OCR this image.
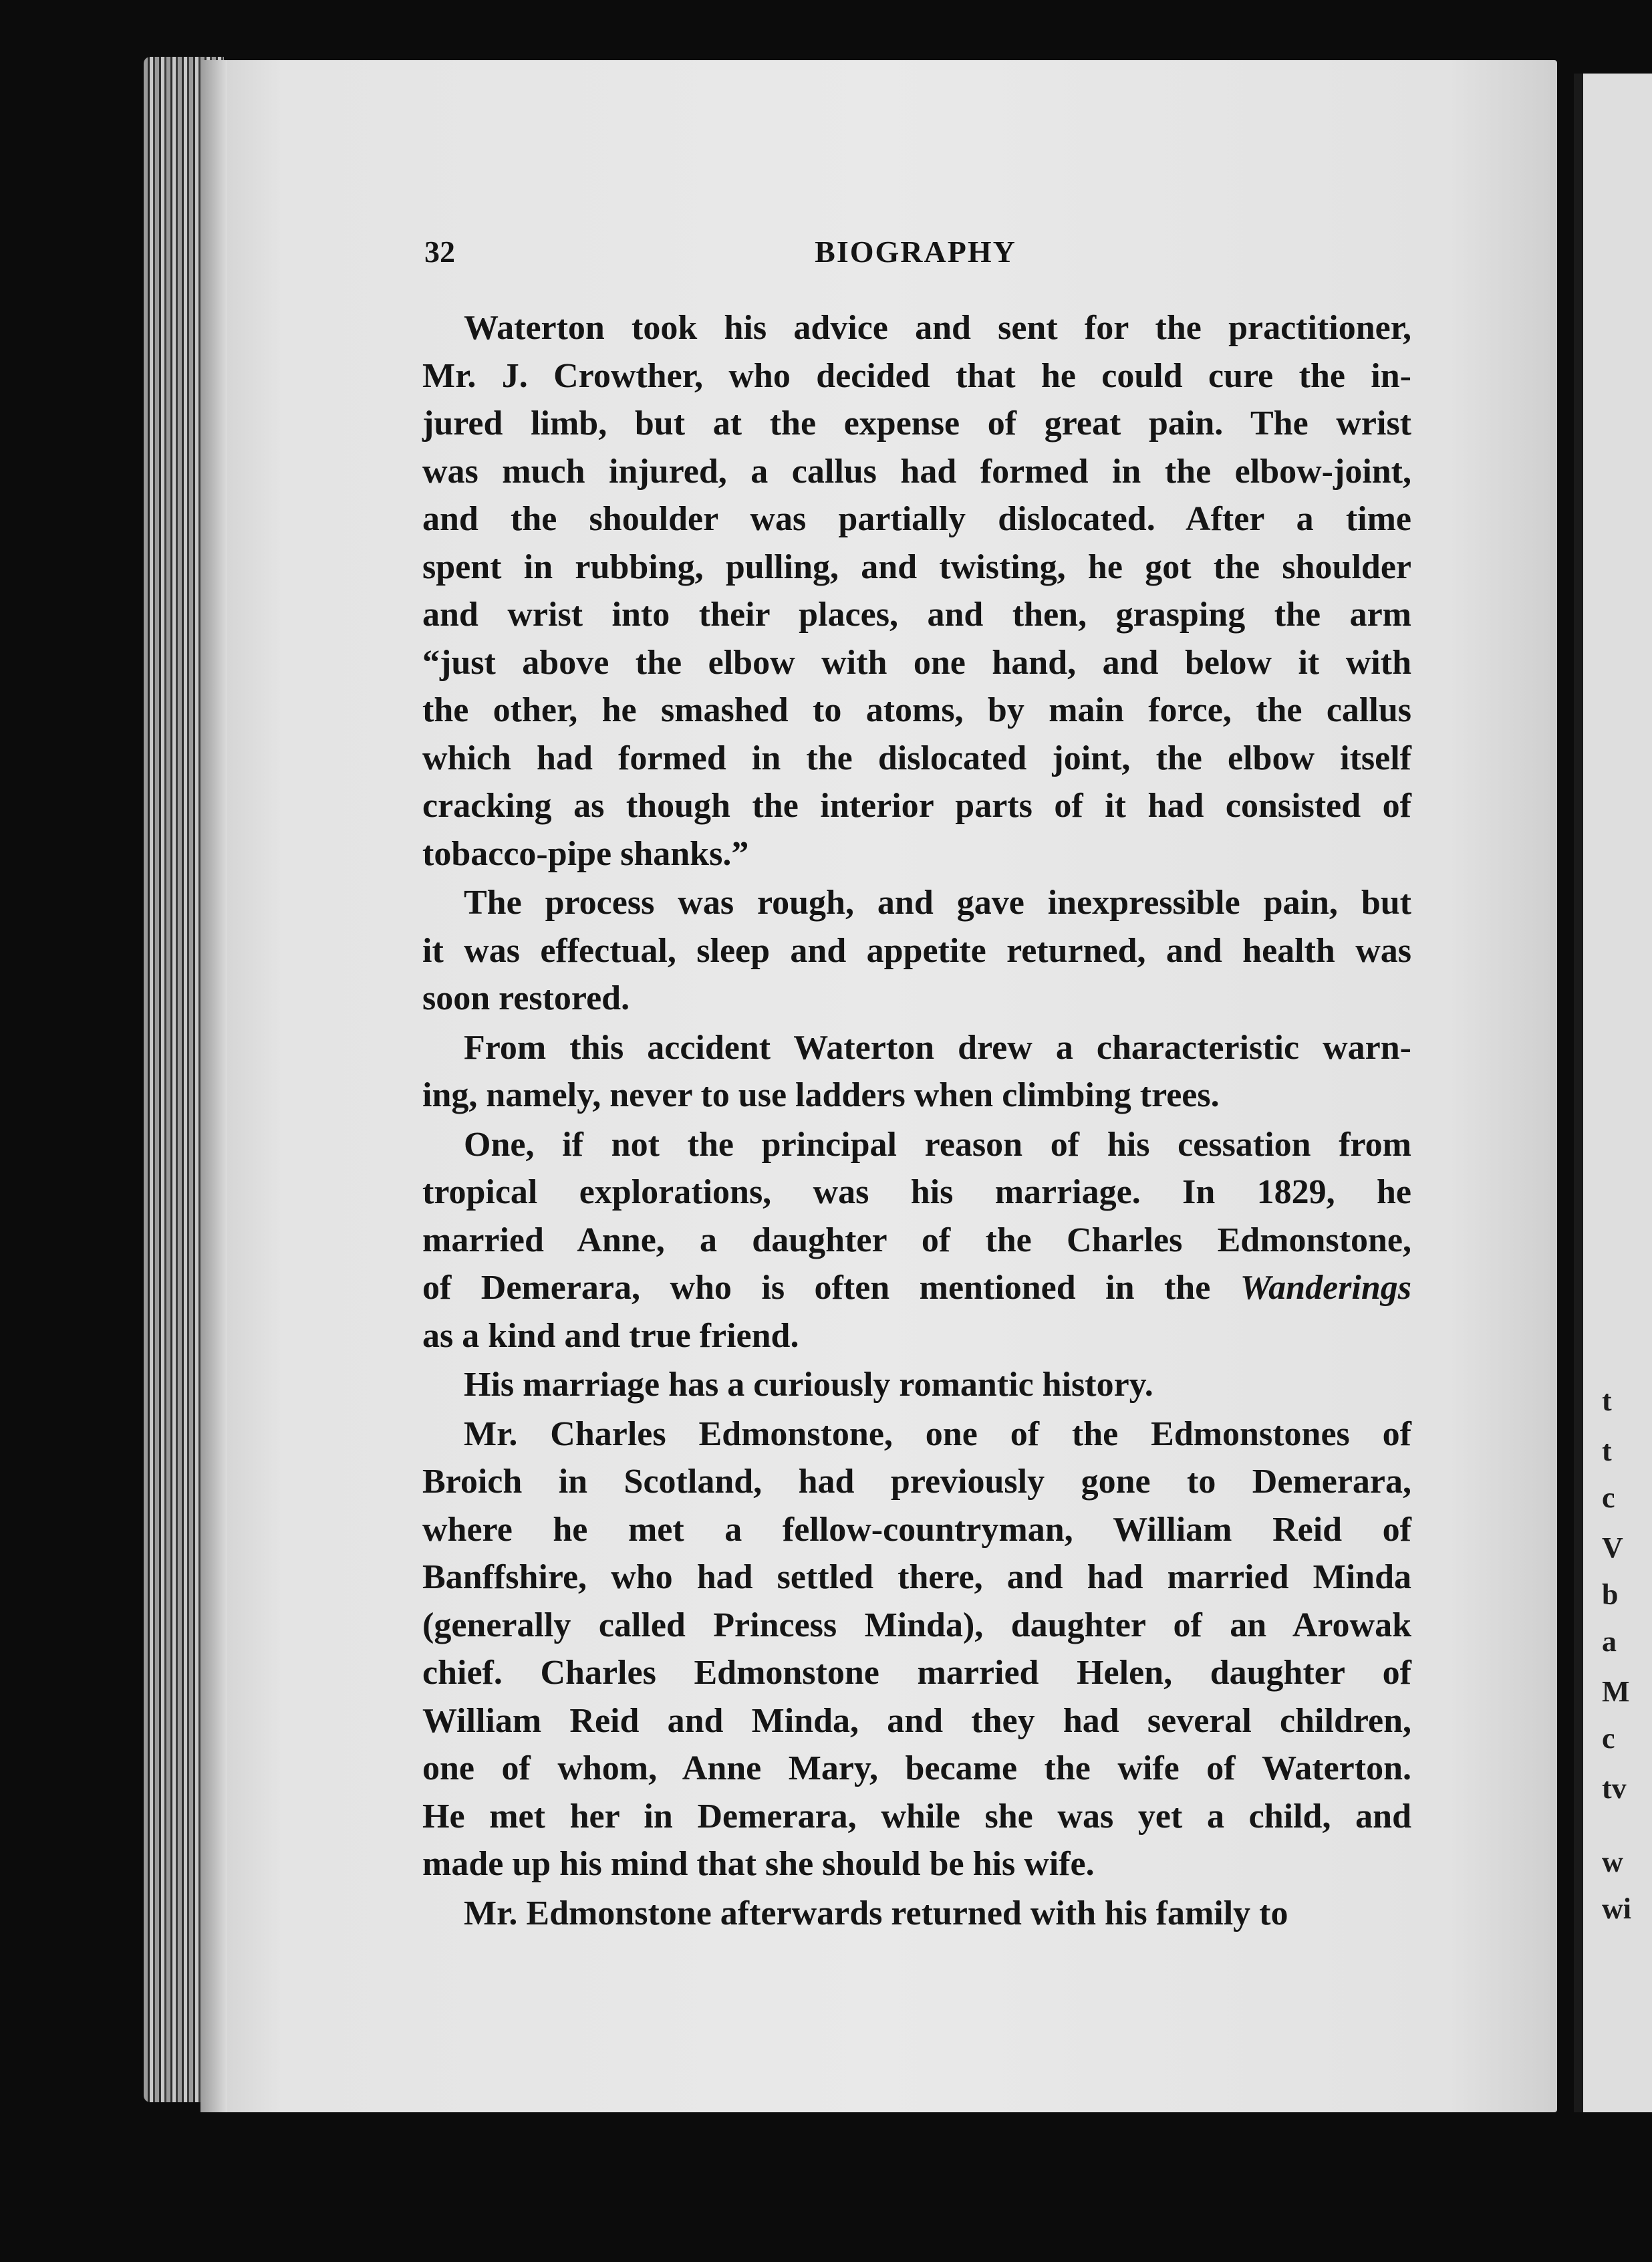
t
t
c
V
b
a
M
c
tv
w
wi
32	BIOGRAPHY
Waterton took his advice and sent for the practitioner,
Mr. J. Crowther, who decided that he could cure the in-
jured limb, but at the expense of great pain. The wrist
was much injured, a callus had formed in the elbow-joint,
and the shoulder was partially dislocated. After a time
spent in rubbing, pulling, and twisting, he got the shoulder
and wrist into their places, and then, grasping the arm
“just above the elbow with one hand, and below it with
the other, he smashed to atoms, by main force, the callus
which had formed in the dislocated joint, the elbow itself
cracking as though the interior parts of it had consisted of
tobacco-pipe shanks.”
The process was rough, and gave inexpressible pain, but
it was effectual, sleep and appetite returned, and health was
soon restored.
From this accident Waterton drew a characteristic warn-
ing, namely, never to use ladders when climbing trees.
One, if not the principal reason of his cessation from
tropical explorations, was his marriage. In 1829, he
married Anne, a daughter of the Charles Edmonstone,
of Demerara, who is often mentioned in the Wanderings
as a kind and true friend.
His marriage has a curiously romantic history.
Mr. Charles Edmonstone, one of the Edmonstones of
Broich in Scotland, had previously gone to Demerara,
where he met a fellow-countryman, William Reid of
Banffshire, who had settled there, and had married Minda
(generally called Princess Minda), daughter of an Arowak
chief. Charles Edmonstone married Helen, daughter of
William Reid and Minda, and they had several children,
one of whom, Anne Mary, became the wife of Waterton.
He met her in Demerara, while she was yet a child, and
made up his mind that she should be his wife.
Mr. Edmonstone afterwards returned with his family to
